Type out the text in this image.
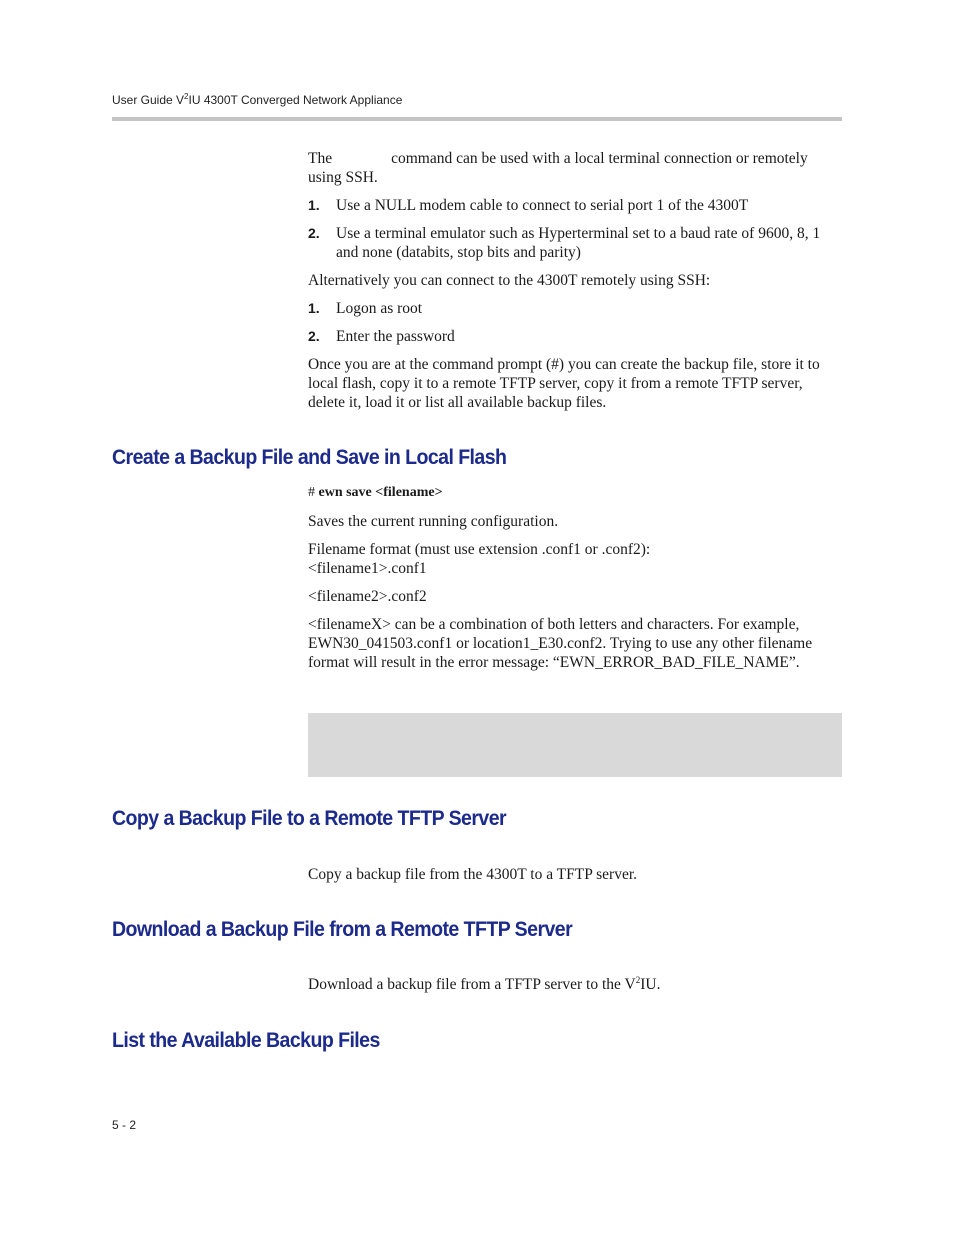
User Guide $V^2IU$ 4300T Converged Network Appliance

The	command can be used with a local terminal connection or remotely using SSH.

1. Use a NULL modem cable to connect to serial port 1 of the 4300T
2. Use a terminal emulator such as Hyperterminal set to a baud rate of 9600, 8, 1 and none (databits, stop bits and parity)
Alternatively you can connect to the 4300T remotely using SSH:
1. Logon as root
2. Enter the password
Once you are at the command prompt (#) you can create the backup file, store it to local flash, copy it to a remote TFTP server, copy it from a remote TFTP server, delete it, load it or list all available backup files.
Create a Backup File and Save in Local Flash
# ewn save <filename>
Saves the current running configuration.

Filename format (must use extension .conf1 or .conf2):

<filename1>.conf1

<filename2>.conf2
<filenameX> can be a combination of both letters and characters. For example, EWN30_041503.conf1 or location1_E30.conf2. Trying to use any other filename format will result in the error message: “EWN_ERROR_BAD_FILE_NAME”.
Copy a Backup File to a Remote TFTP Server
Copy a backup file from the 4300T to a TFTP server.
Download a Backup File from a Remote TFTP Server
Download a backup file from a TFTP server to the $V^2IU$.
List the Available Backup Files
5 - 2
